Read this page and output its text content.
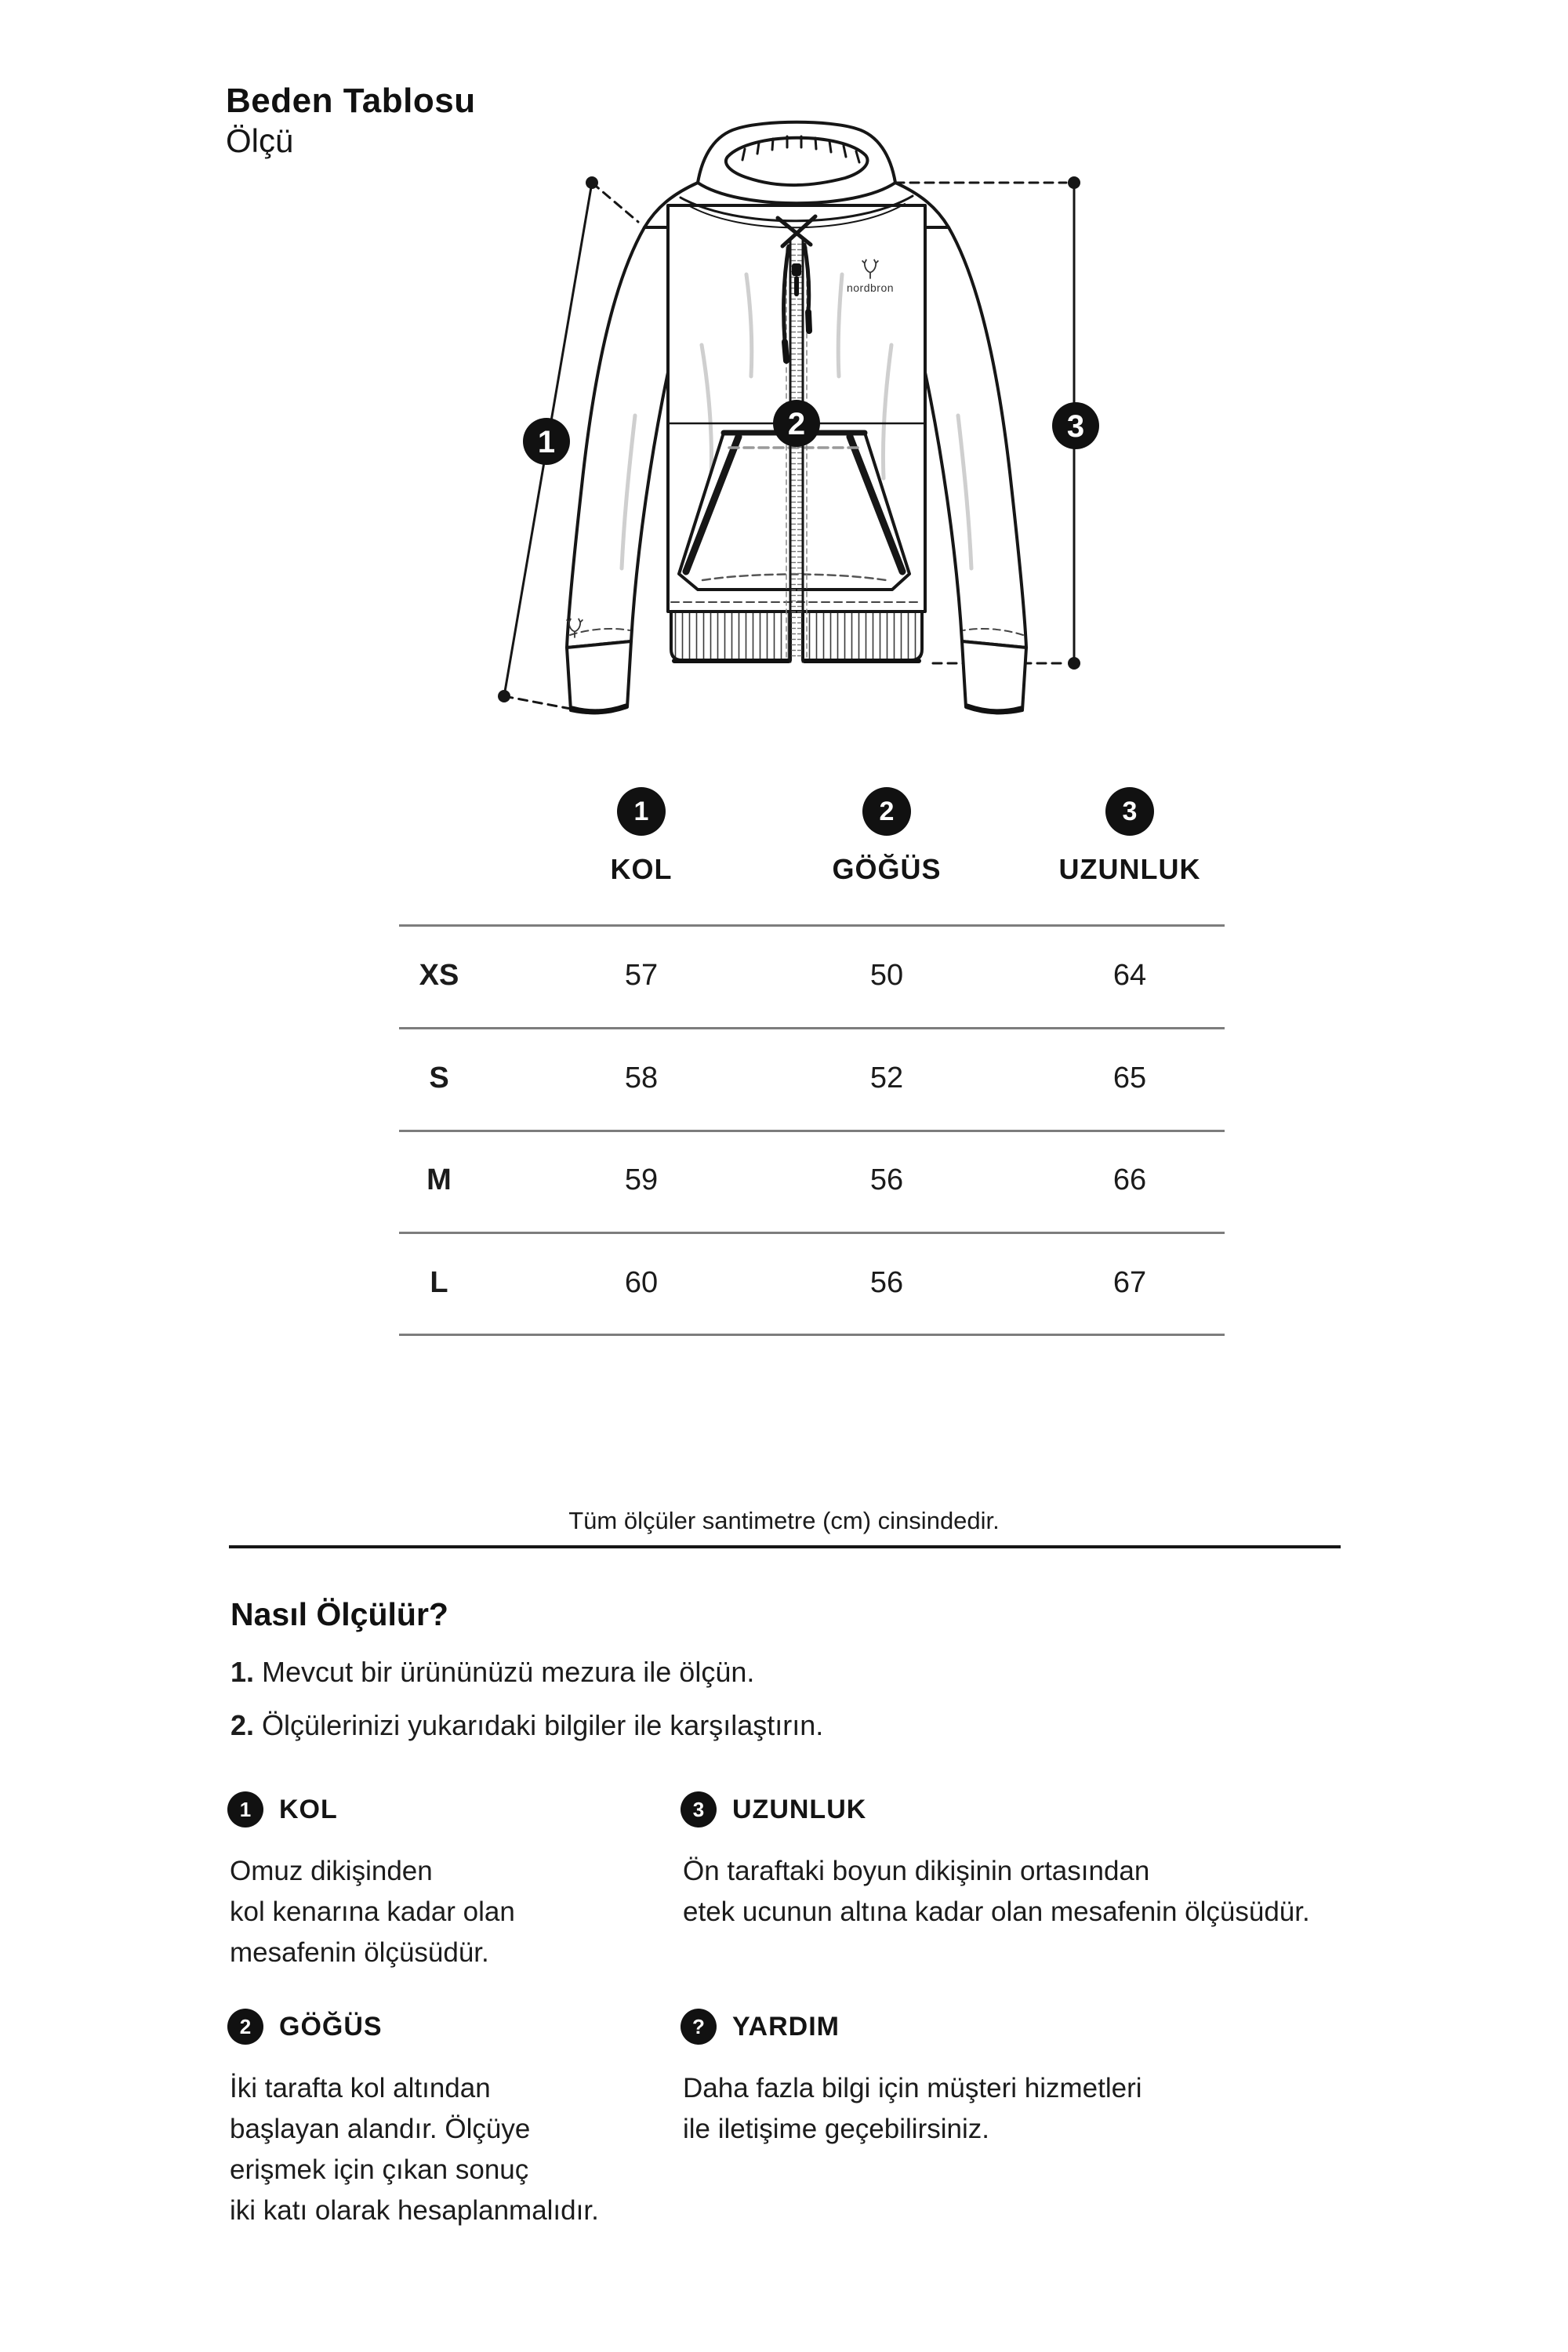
Beden Tablosu
Ölçü
nordbron
1
2	3
1
KOL
2
GÖĞÜS
3
UZUNLUK
Tüm ölçüler santimetre (cm) cinsindedir.
Nasıl Ölçülür?
1. Mevcut bir ürününüzü mezura ile ölçün.
2. Ölçülerinizi yukarıdaki bilgiler ile karşılaştırın.
XS	57	50	64
S	58	52	65
M	59	56	66
L	60	56	67
1	KOL
Omuz dikişinden
kol kenarına kadar olan
mesafenin ölçüsüdür.
3	UZUNLUK
Ön taraftaki boyun dikişinin ortasından
etek ucunun altına kadar olan mesafenin ölçüsüdür.
2	GÖĞÜS
İki tarafta kol altından
başlayan alandır. Ölçüye
erişmek için çıkan sonuç
iki katı olarak hesaplanmalıdır.
?	YARDIM
Daha fazla bilgi için müşteri hizmetleri
ile iletişime geçebilirsiniz.
